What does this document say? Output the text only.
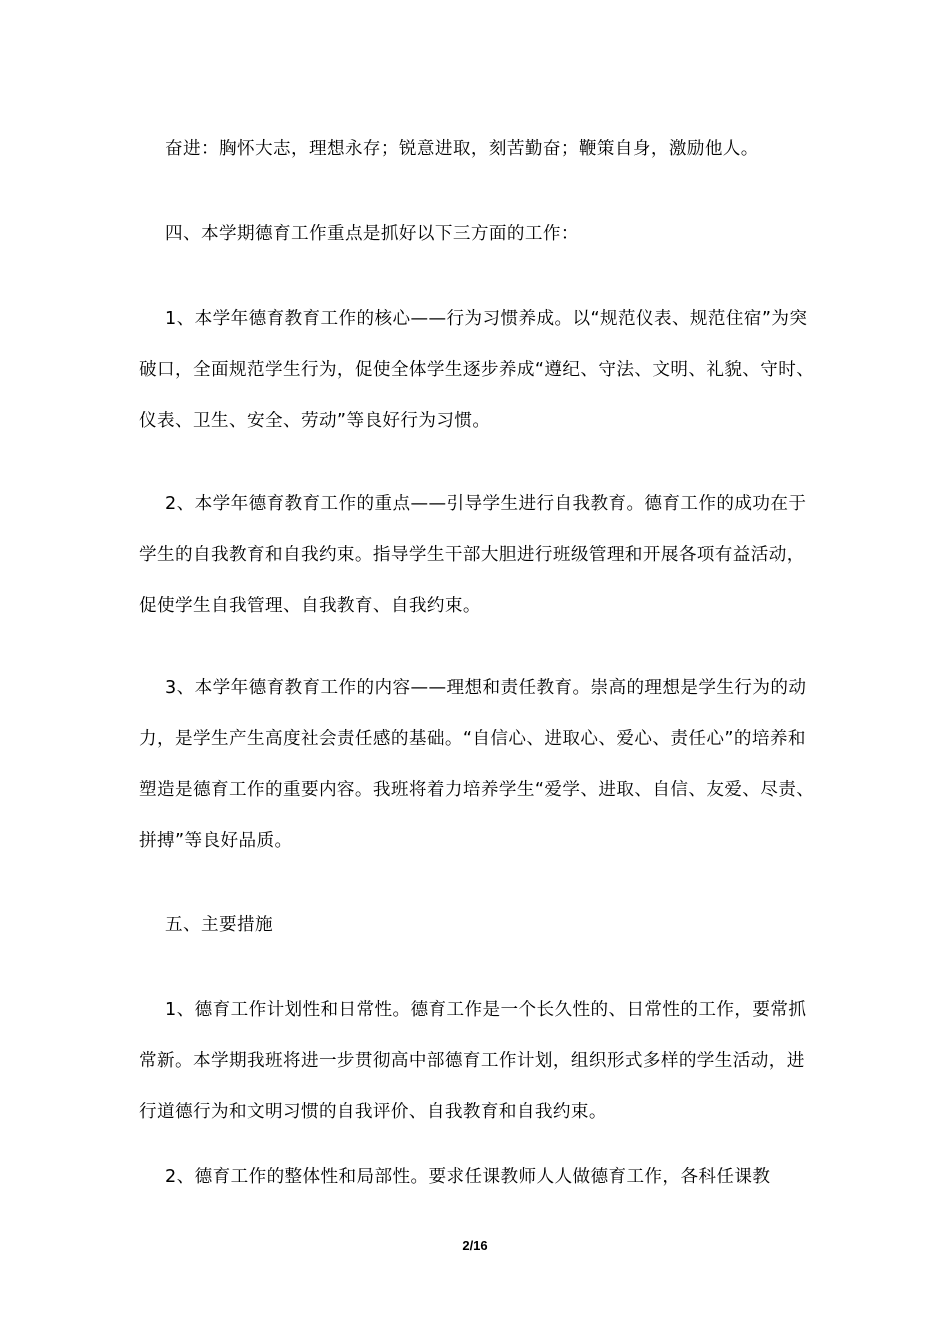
奋进：胸怀大志，理想永存；锐意进取，刻苦勤奋；鞭策自身，激励他人。

四、本学期德育工作重点是抓好以下三方面的工作：

1、本学年德育教育工作的核心——行为习惯养成。以“规范仪表、规范住宿”为突破口，全面规范学生行为，促使全体学生逐步养成“遵纪、守法、文明、礼貌、守时、仪表、卫生、安全、劳动”等良好行为习惯。

2、本学年德育教育工作的重点——引导学生进行自我教育。德育工作的成功在于学生的自我教育和自我约束。指导学生干部大胆进行班级管理和开展各项有益活动，促使学生自我管理、自我教育、自我约束。

3、本学年德育教育工作的内容——理想和责任教育。崇高的理想是学生行为的动力，是学生产生高度社会责任感的基础。“自信心、进取心、爱心、责任心”的培养和塑造是德育工作的重要内容。我班将着力培养学生“爱学、进取、自信、友爱、尽责、拼搏”等良好品质。

五、主要措施

1、德育工作计划性和日常性。德育工作是一个长久性的、日常性的工作，要常抓常新。本学期我班将进一步贯彻高中部德育工作计划，组织形式多样的学生活动，进行道德行为和文明习惯的自我评价、自我教育和自我约束。

2、德育工作的整体性和局部性。要求任课教师人人做德育工作，各科任课教

2/16
